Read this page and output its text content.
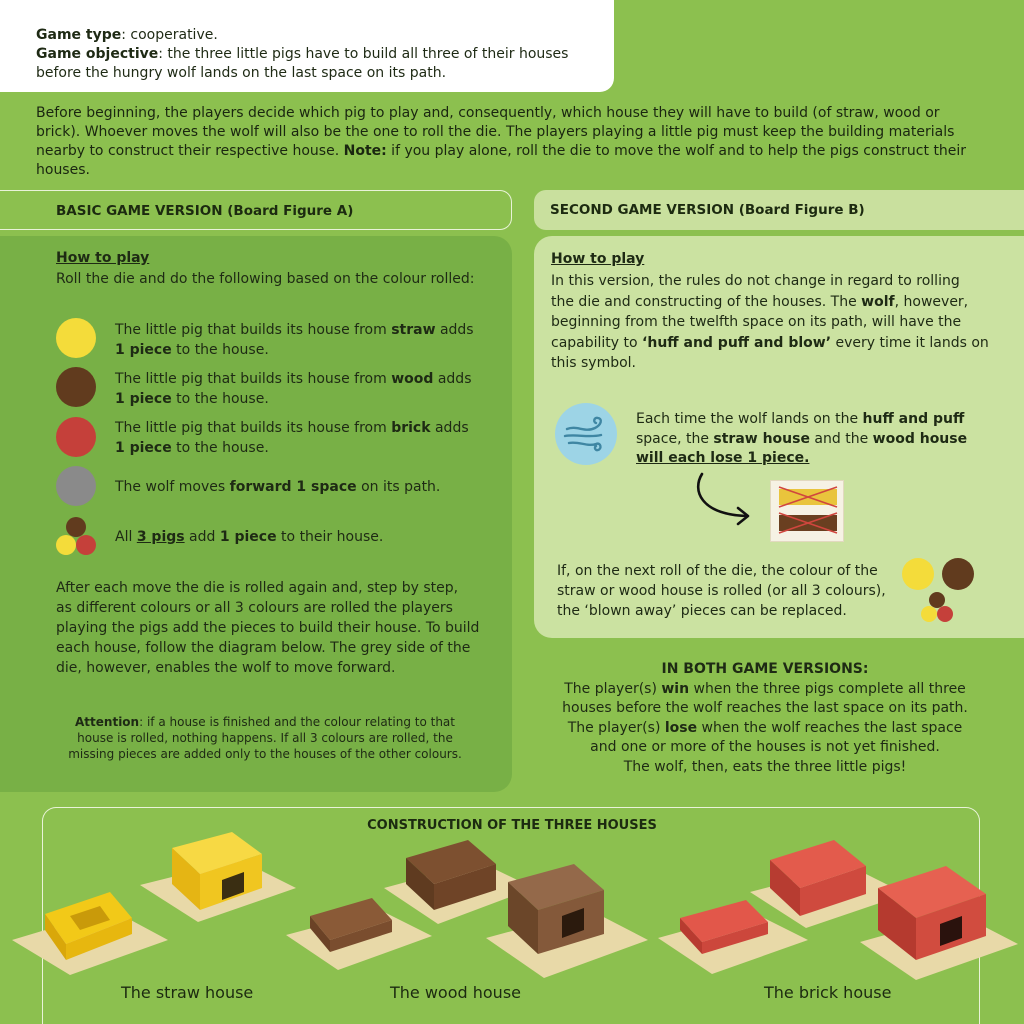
Game type: cooperative.
Game objective: the three little pigs have to build all three of their houses
before the hungry wolf lands on the last space on its path.
Before beginning, the players decide which pig to play and, consequently, which house they will have to build (of straw, wood or
brick). Whoever moves the wolf will also be the one to roll the die. The players playing a little pig must keep the building materials
nearby to construct their respective house. Note: if you play alone, roll the die to move the wolf and to help the pigs construct their
houses.
BASIC GAME VERSION (Board Figure A)	SECOND GAME VERSION (Board Figure B)
How to play
Roll the die and do the following based on the colour rolled:
The little pig that builds its house from straw adds
1 piece to the house.
The little pig that builds its house from wood adds
1 piece to the house.
The little pig that builds its house from brick adds
1 piece to the house.
The wolf moves forward 1 space on its path.
All 3 pigs add 1 piece to their house.
After each move the die is rolled again and, step by step,
as different colours or all 3 colours are rolled the players
playing the pigs add the pieces to build their house. To build
each house, follow the diagram below. The grey side of the
die, however, enables the wolf to move forward.
Attention: if a house is finished and the colour relating to that
house is rolled, nothing happens. If all 3 colours are rolled, the
missing pieces are added only to the houses of the other colours.
How to play
In this version, the rules do not change in regard to rolling
the die and constructing of the houses. The wolf, however,
beginning from the twelfth space on its path, will have the
capability to ‘huff and puff and blow’ every time it lands on
this symbol.
Each time the wolf lands on the huff and puff
space, the straw house and the wood house
will each lose 1 piece.
If, on the next roll of the die, the colour of the
straw or wood house is rolled (or all 3 colours),
the ‘blown away’ pieces can be replaced.
IN BOTH GAME VERSIONS:
The player(s) win when the three pigs complete all three
houses before the wolf reaches the last space on its path.
The player(s) lose when the wolf reaches the last space
and one or more of the houses is not yet finished.
The wolf, then, eats the three little pigs!
CONSTRUCTION OF THE THREE HOUSES
The straw house	The wood house	The brick house
